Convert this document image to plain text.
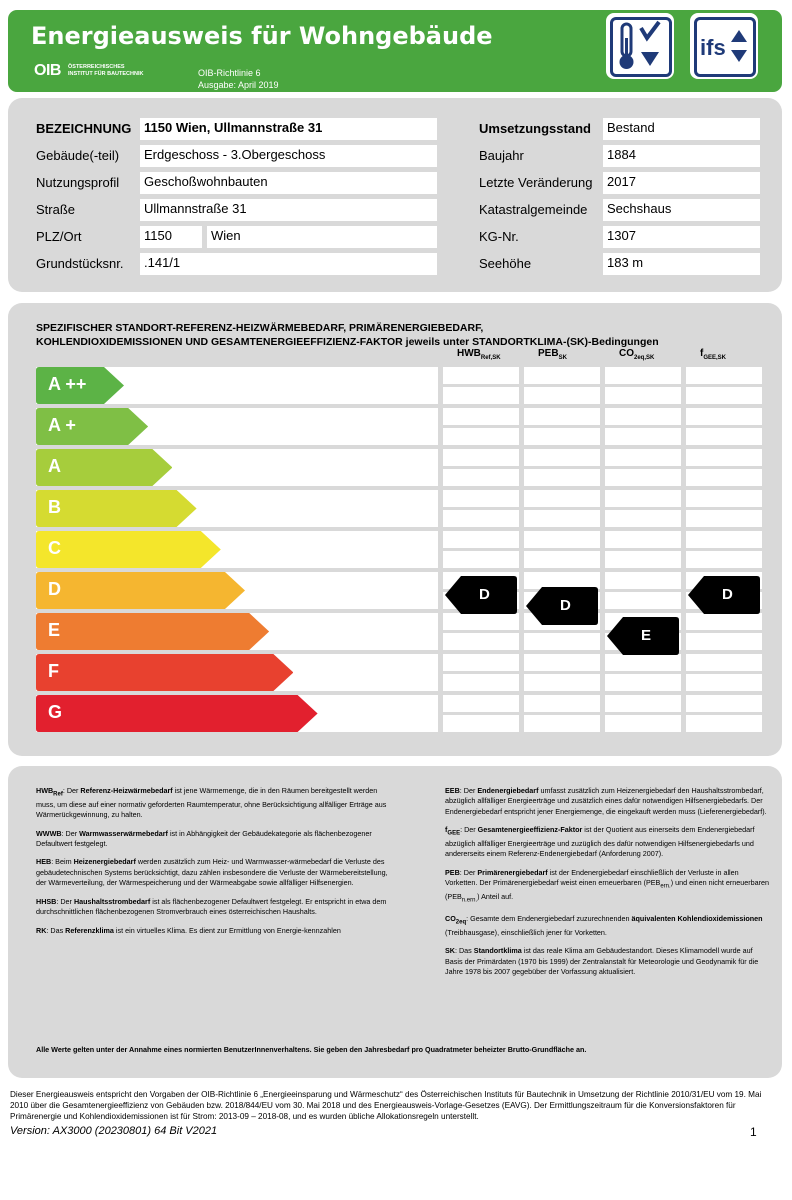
Energieausweis für Wohngebäude
OIB ÖSTERREICHISCHES
INSTITUT FÜR BAUTECHNIK	OIB-Richtlinie 6
Ausgabe: April 2019
ifs
BEZEICHNUNG 1150 Wien, Ullmannstraße 31
Gebäude(-teil)	Erdgeschoss - 3.Obergeschoss
Nutzungsprofil	Geschoßwohnbauten
Straße	Ullmannstraße 31
PLZ/Ort	1150	Wien
Grundstücksnr.	.141/1
Umsetzungsstand	Bestand
Baujahr	1884
Letzte Veränderung	2017
Katastralgemeinde	Sechshaus
KG-Nr.	1307
Seehöhe	183 m
SPEZIFISCHER STANDORT-REFERENZ-HEIZWÄRMEBEDARF, PRIMÄRENERGIEBEDARF,
KOHLENDIOXIDEMISSIONEN UND GESAMTENERGIEEFFIZIENZ-FAKTOR jeweils unter STANDORTKLIMA-(SK)-Bedingungen
$HWB_{Ref,SK}$	$PEB_{SK}$	$CO_{2eq,SK}$	$f_{GEE,SK}$
A ++
A +
A
B
C
D
E
F
G
D
D
E
D

$HWB_{Ref}$: Der Referenz-Heizwärmebedarf ist jene Wärmemenge, die in den Räumen bereitgestellt werden muss, um diese auf einer normativ geforderten Raumtemperatur, ohne Berücksichtigung allfälliger Erträge aus Wärmerückgewinnung, zu halten.

WWWB: Der Warmwasserwärmebedarf ist in Abhängigkeit der Gebäudekategorie als flächenbezogener Defaultwert festgelegt.

HEB: Beim Heizenergiebedarf werden zusätzlich zum Heiz- und Warmwasser-wärmebedarf die Verluste des gebäudetechnischen Systems berücksichtigt, dazu zählen insbesondere die Verluste der Wärmebereitstellung, der Wärmeverteilung, der Wärmespeicherung und der Wärmeabgabe sowie allfälliger Hilfsenergien.

HHSB: Der Haushaltsstrombedarf ist als flächenbezogener Defaultwert festgelegt. Er entspricht in etwa dem durchschnittlichen flächenbezogenen Stromverbrauch eines österreichischen Haushalts.

RK: Das Referenzklima ist ein virtuelles Klima. Es dient zur Ermittlung von Energie-kennzahlen

EEB: Der Endenergiebedarf umfasst zusätzlich zum Heizenergiebedarf den Haushaltsstrombedarf, abzüglich allfälliger Energieerträge und zusätzlich eines dafür notwendigen Hilfsenergiebedarfs. Der Endenergiebedarf entspricht jener Energiemenge, die eingekauft werden muss (Lieferenergiebedarf).

$f_{GEE}$: Der Gesamtenergieeffizienz-Faktor ist der Quotient aus einerseits dem Endenergiebedarf abzüglich allfälliger Energieerträge und zuzüglich des dafür notwendigen Hilfsenergiebedarfs und andererseits einem Referenz-Endenergiebedarf (Anforderung 2007).

PEB: Der Primärenergiebedarf ist der Endenergiebedarf einschließlich der Verluste in allen Vorketten. Der Primärenergiebedarf weist einen erneuerbaren $(PEB_{ern.})$ und einen nicht erneuerbaren $(PEB_{n.ern.})$ Anteil auf.

$CO_{2eq}$: Gesamte dem Endenergiebedarf zuzurechnenden äquivalenten Kohlendioxidemissionen (Treibhausgase), einschließlich jener für Vorketten.

SK: Das Standortklima ist das reale Klima am Gebäudestandort. Dieses Klimamodell wurde auf Basis der Primärdaten (1970 bis 1999) der Zentralanstalt für Meteorologie und Geodynamik für die Jahre 1978 bis 2007 gegebüber der Vorfassung aktualisiert.

Alle Werte gelten unter der Annahme eines normierten BenutzerInnenverhaltens. Sie geben den Jahresbedarf pro Quadratmeter beheizter Brutto-Grundfläche an.
Dieser Energieausweis entspricht den Vorgaben der OIB-Richtlinie 6 „Energieeinsparung und Wärmeschutz“ des Österreichischen Instituts für Bautechnik in Umsetzung der Richtlinie 2010/31/EU vom 19. Mai 2010 über die Gesamtenergieeffizienz von Gebäuden bzw. 2018/844/EU vom 30. Mai 2018 und des Energieausweis-Vorlage-Gesetzes (EAVG). Der Ermittlungszeitraum für die Konversionsfaktoren für Primärenergie und Kohlendioxidemissionen ist für Strom: 2013-09 – 2018-08, und es wurden übliche Allokationsregeln unterstellt.
Version: AX3000 (20230801) 64 Bit V2021	1
